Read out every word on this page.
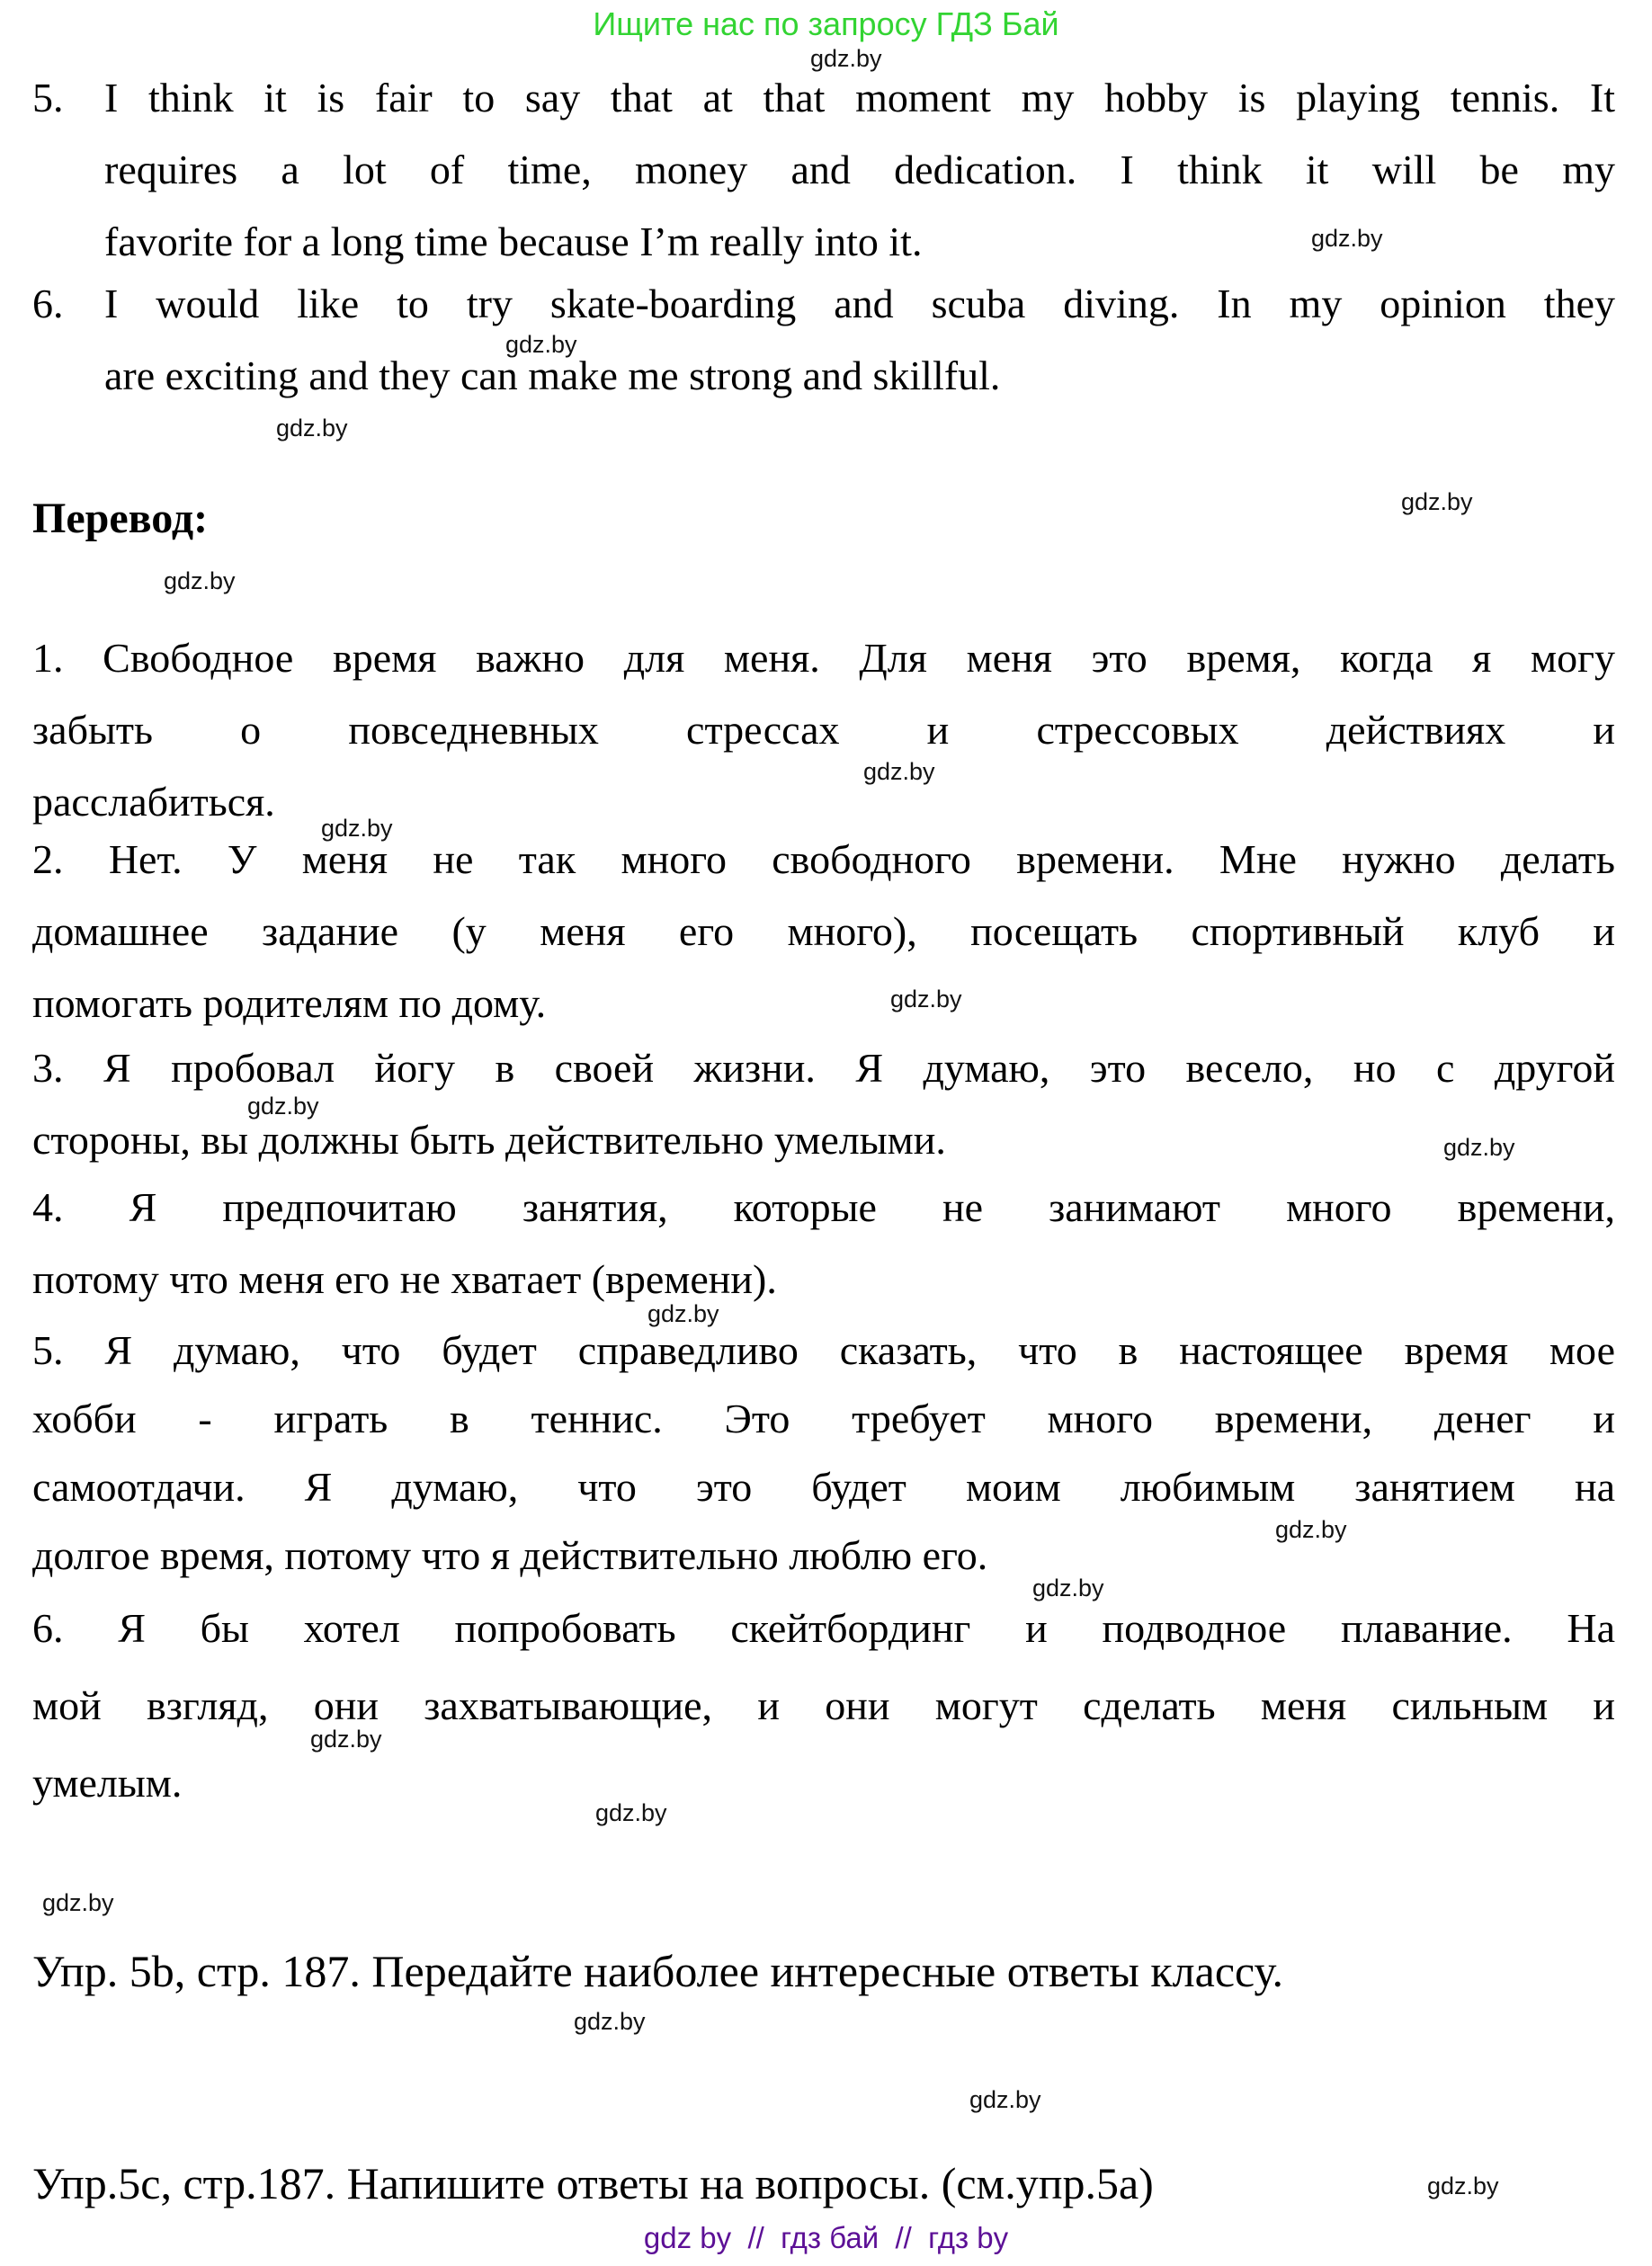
Ищите нас по запросу ГДЗ Бай
gdz.by
gdz.by
gdz.by
gdz.by
gdz.by
gdz.by
gdz.by
gdz.by
gdz.by
gdz.by
gdz.by
gdz.by
gdz.by
gdz.by
gdz.by
gdz.by
gdz.by
gdz.by
gdz.by
gdz.by
5. I think it is fair to say that at that moment my hobby is playing tennis. It
requires a lot of time, money and dedication. I think it will be my
favorite for a long time because I’m really into it.
6. I would like to try skate-boarding and scuba diving. In my opinion they
are exciting and they can make me strong and skillful.
Перевод:
1. Свободное время важно для меня. Для меня это время, когда я могу
забыть о повседневных стрессах и стрессовых действиях и
расслабиться.
2. Нет. У меня не так много свободного времени. Мне нужно делать
домашнее задание (у меня его много), посещать спортивный клуб и
помогать родителям по дому.
3. Я пробовал йогу в своей жизни. Я думаю, это весело, но с другой
стороны, вы должны быть действительно умелыми.
4. Я предпочитаю занятия, которые не занимают много времени,
потому что меня его не хватает (времени).
5. Я думаю, что будет справедливо сказать, что в настоящее время мое
хобби - играть в теннис. Это требует много времени, денег и
самоотдачи. Я думаю, что это будет моим любимым занятием на
долгое время, потому что я действительно люблю его.
6. Я бы хотел попробовать скейтбординг и подводное плавание. На
мой взгляд, они захватывающие, и они могут сделать меня сильным и
умелым.
Упр. 5b, стр. 187. Передайте наиболее интересные ответы классу.
Упр.5с, стр.187. Напишите ответы на вопросы. (см.упр.5а)
gdz by  //  гдз бай  //  гдз by
